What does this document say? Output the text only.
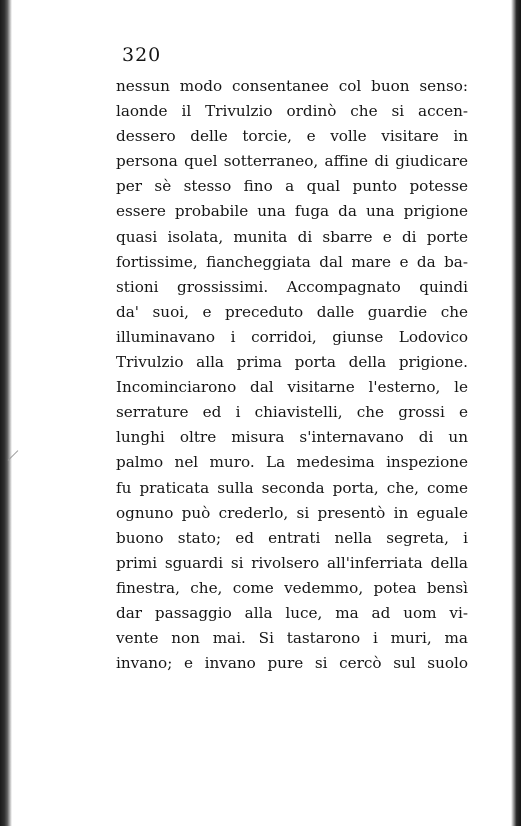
320
nessun modo consentanee col buon senso:
laonde il Trivulzio ordinò che si accen-
dessero delle torcie, e volle visitare in
persona quel sotterraneo, affine di giudicare
per sè stesso fino a qual punto potesse
essere probabile una fuga da una prigione
quasi isolata, munita di sbarre e di porte
fortissime, fiancheggiata dal mare e da ba-
stioni grossissimi. Accompagnato quindi
da' suoi, e preceduto dalle guardie che
illuminavano i corridoi, giunse Lodovico
Trivulzio alla prima porta della prigione.
Incominciarono dal visitarne l'esterno, le
serrature ed i chiavistelli, che grossi e
lunghi oltre misura s'internavano di un
palmo nel muro. La medesima inspezione
fu praticata sulla seconda porta, che, come
ognuno può crederlo, si presentò in eguale
buono stato; ed entrati nella segreta, i
primi sguardi si rivolsero all'inferriata della
finestra, che, come vedemmo, potea bensì
dar passaggio alla luce, ma ad uom vi-
vente non mai. Si tastarono i muri, ma
invano; e invano pure si cercò sul suolo
